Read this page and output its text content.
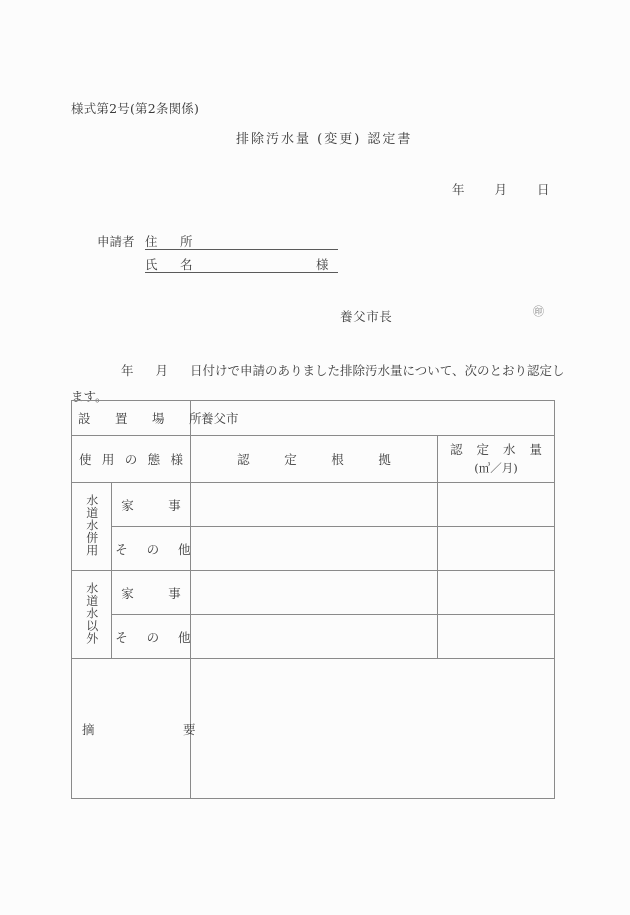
様式第2号(第2条関係)
排除汚水量 (変更) 認定書
年 月 日
申請者 住　所
氏　名	様
養父市長	㊞
年 月 日付けで申請のありました排除汚水量について、次のとおり認定します。
設　置　場　所		養父市	

使 用 の 態 様		認　　定　　根　　拠	認 定 水 量
(㎥／月)

水道水併用	家　　事		

	そ　の　他		

水道水以外	家　　事		

	そ　の　他		

摘　要			
